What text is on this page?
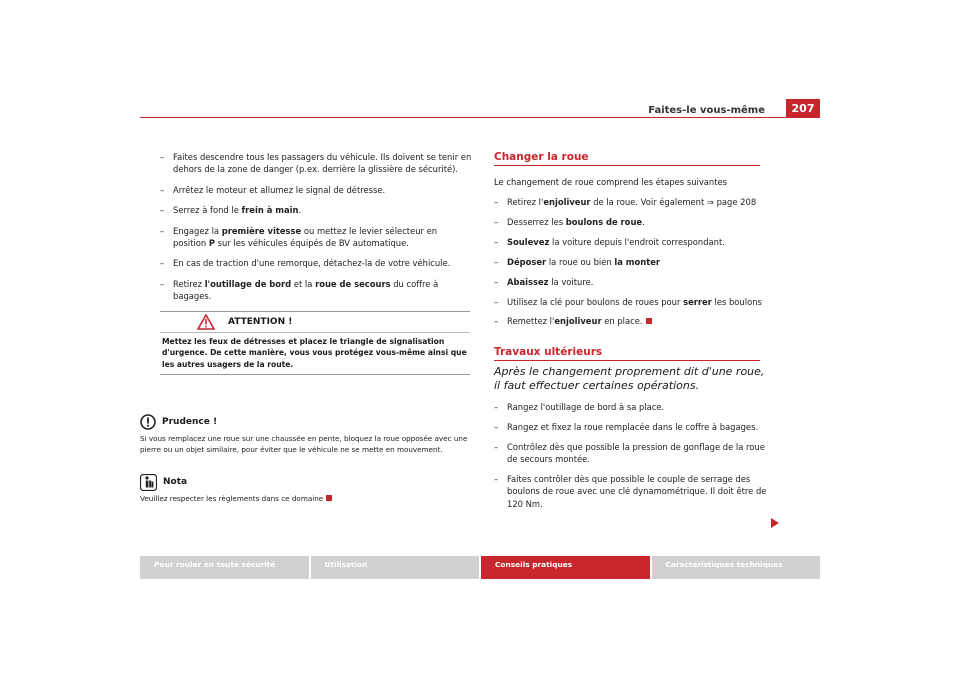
Faites-le vous-même	207
– Faites descendre tous les passagers du véhicule. Ils doivent se tenir en dehors de la zone de danger (p.ex. derrière la glissière de sécurité).
– Arrêtez le moteur et allumez le signal de détresse.
– Serrez à fond le frein à main.
– Engagez la première vitesse ou mettez le levier sélecteur en position P sur les véhicules équipés de BV automatique.
– En cas de traction d'une remorque, détachez-la de votre véhicule.
– Retirez l'outillage de bord et la roue de secours du coffre à bagages.
ATTENTION !
Mettez les feux de détresses et placez le triangle de signalisation d'urgence. De cette manière, vous vous protégez vous-même ainsi que les autres usagers de la route.
Prudence !
Si vous remplacez une roue sur une chaussée en pente, bloquez la roue opposée avec une pierre ou un objet similaire, pour éviter que le véhicule ne se mette en mouvement.
Nota
Veuillez respecter les règlements dans ce domaine
Changer la roue
Le changement de roue comprend les étapes suivantes
– Retirez l'enjoliveur de la roue. Voir également ⇒ page 208
– Desserrez les boulons de roue.
– Soulevez la voiture depuis l'endroit correspondant.
– Déposer la roue ou bien la monter
– Abaissez la voiture.
– Utilisez la clé pour boulons de roues pour serrer les boulons
– Remettez l'enjoliveur en place.
Travaux ultérieurs
Après le changement proprement dit d'une roue, il faut effectuer certaines opérations.
– Rangez l'outillage de bord à sa place.
– Rangez et fixez la roue remplacée dans le coffre à bagages.
– Contrôlez dès que possible la pression de gonflage de la roue de secours montée.
– Faites contrôler dès que possible le couple de serrage des boulons de roue avec une clé dynamométrique. Il doit être de 120 Nm.
Pour rouler en toute sécurité	Utilisation	Conseils pratiques	Caractéristiques techniques
